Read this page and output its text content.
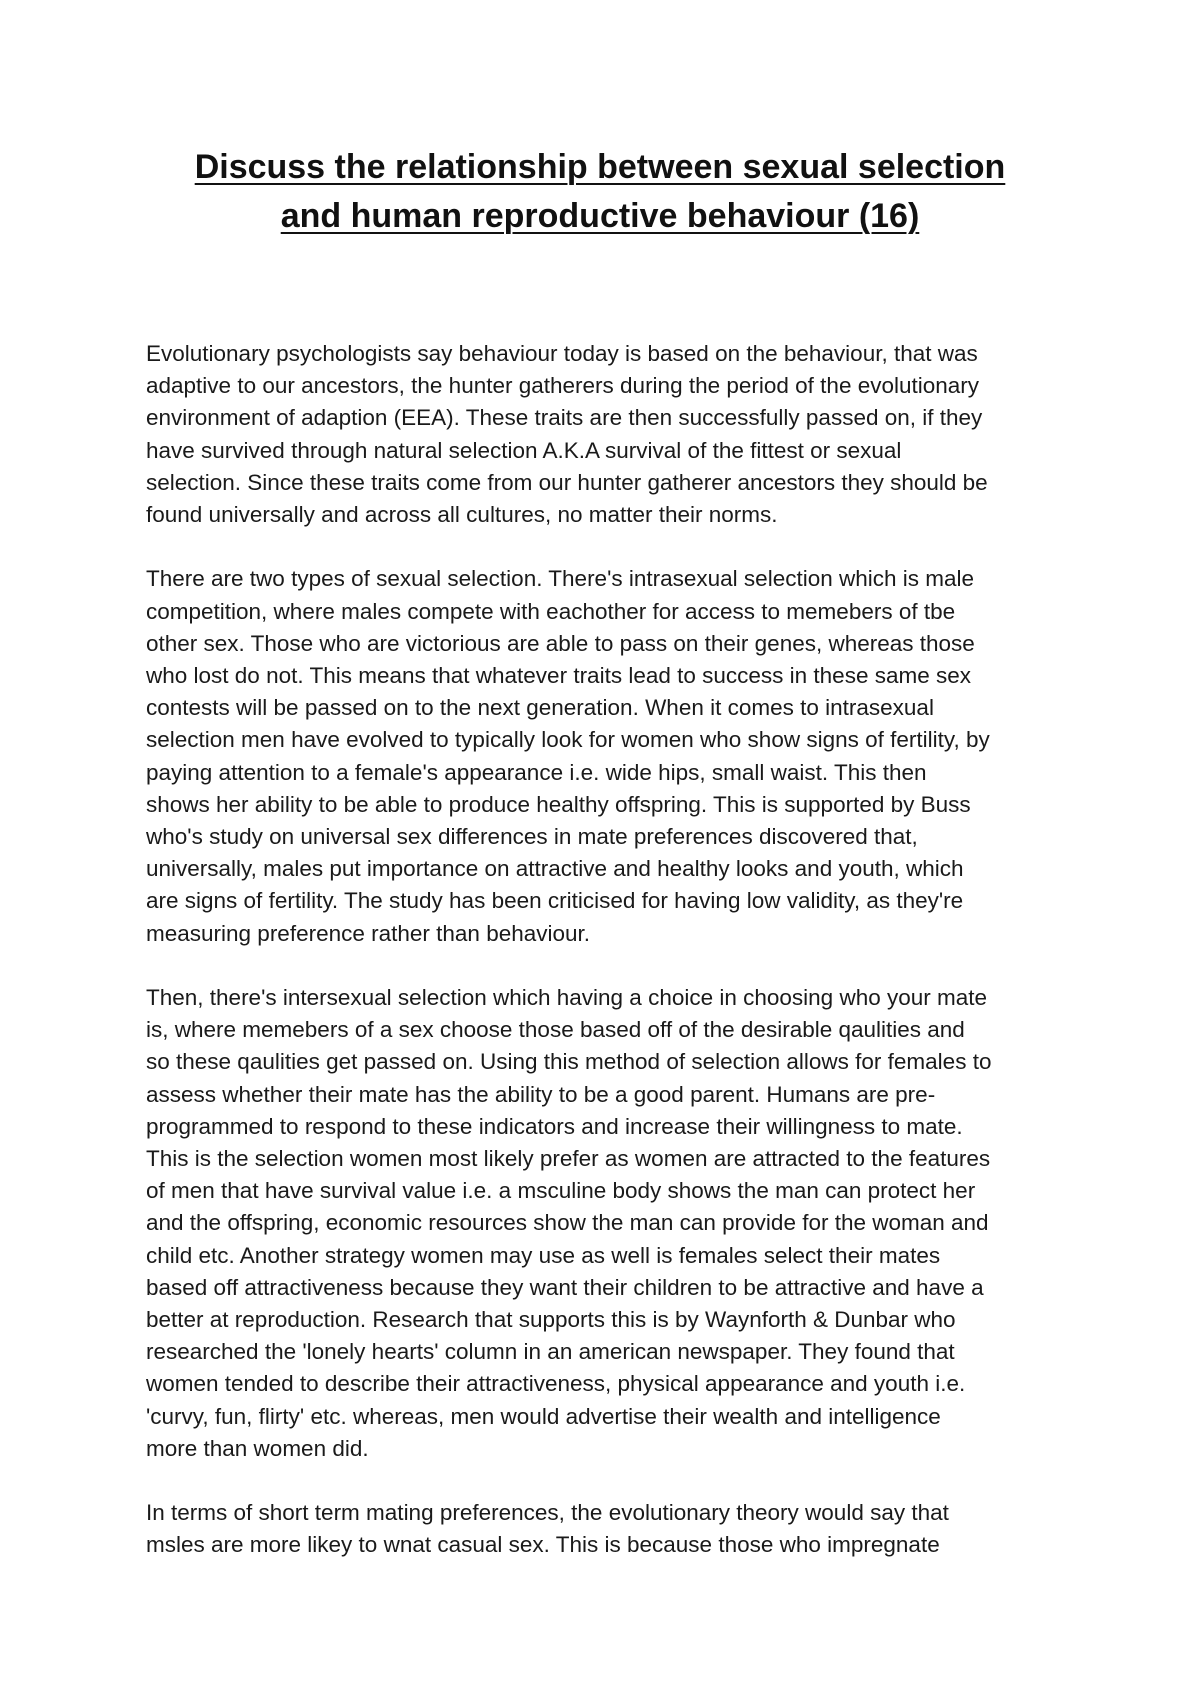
Discuss the relationship between sexual selection
and human reproductive behaviour (16)

Evolutionary psychologists say behaviour today is based on the behaviour, that was
adaptive to our ancestors, the hunter gatherers during the period of the evolutionary
environment of adaption (EEA). These traits are then successfully passed on, if they
have survived through natural selection A.K.A survival of the fittest or sexual
selection. Since these traits come from our hunter gatherer ancestors they should be
found universally and across all cultures, no matter their norms.

There are two types of sexual selection. There's intrasexual selection which is male
competition, where males compete with eachother for access to memebers of tbe
other sex. Those who are victorious are able to pass on their genes, whereas those
who lost do not. This means that whatever traits lead to success in these same sex
contests will be passed on to the next generation. When it comes to intrasexual
selection men have evolved to typically look for women who show signs of fertility, by
paying attention to a female's appearance i.e. wide hips, small waist. This then
shows her ability to be able to produce healthy offspring. This is supported by Buss
who's study on universal sex differences in mate preferences discovered that,
universally, males put importance on attractive and healthy looks and youth, which
are signs of fertility. The study has been criticised for having low validity, as they're
measuring preference rather than behaviour.

Then, there's intersexual selection which having a choice in choosing who your mate
is, where memebers of a sex choose those based off of the desirable qaulities and
so these qaulities get passed on. Using this method of selection allows for females to
assess whether their mate has the ability to be a good parent. Humans are pre-
programmed to respond to these indicators and increase their willingness to mate.
This is the selection women most likely prefer as women are attracted to the features
of men that have survival value i.e. a msculine body shows the man can protect her
and the offspring, economic resources show the man can provide for the woman and
child etc. Another strategy women may use as well is females select their mates
based off attractiveness because they want their children to be attractive and have a
better at reproduction. Research that supports this is by Waynforth & Dunbar who
researched the 'lonely hearts' column in an american newspaper. They found that
women tended to describe their attractiveness, physical appearance and youth i.e.
'curvy, fun, flirty' etc. whereas, men would advertise their wealth and intelligence
more than women did.

In terms of short term mating preferences, the evolutionary theory would say that
msles are more likey to wnat casual sex. This is because those who impregnate
